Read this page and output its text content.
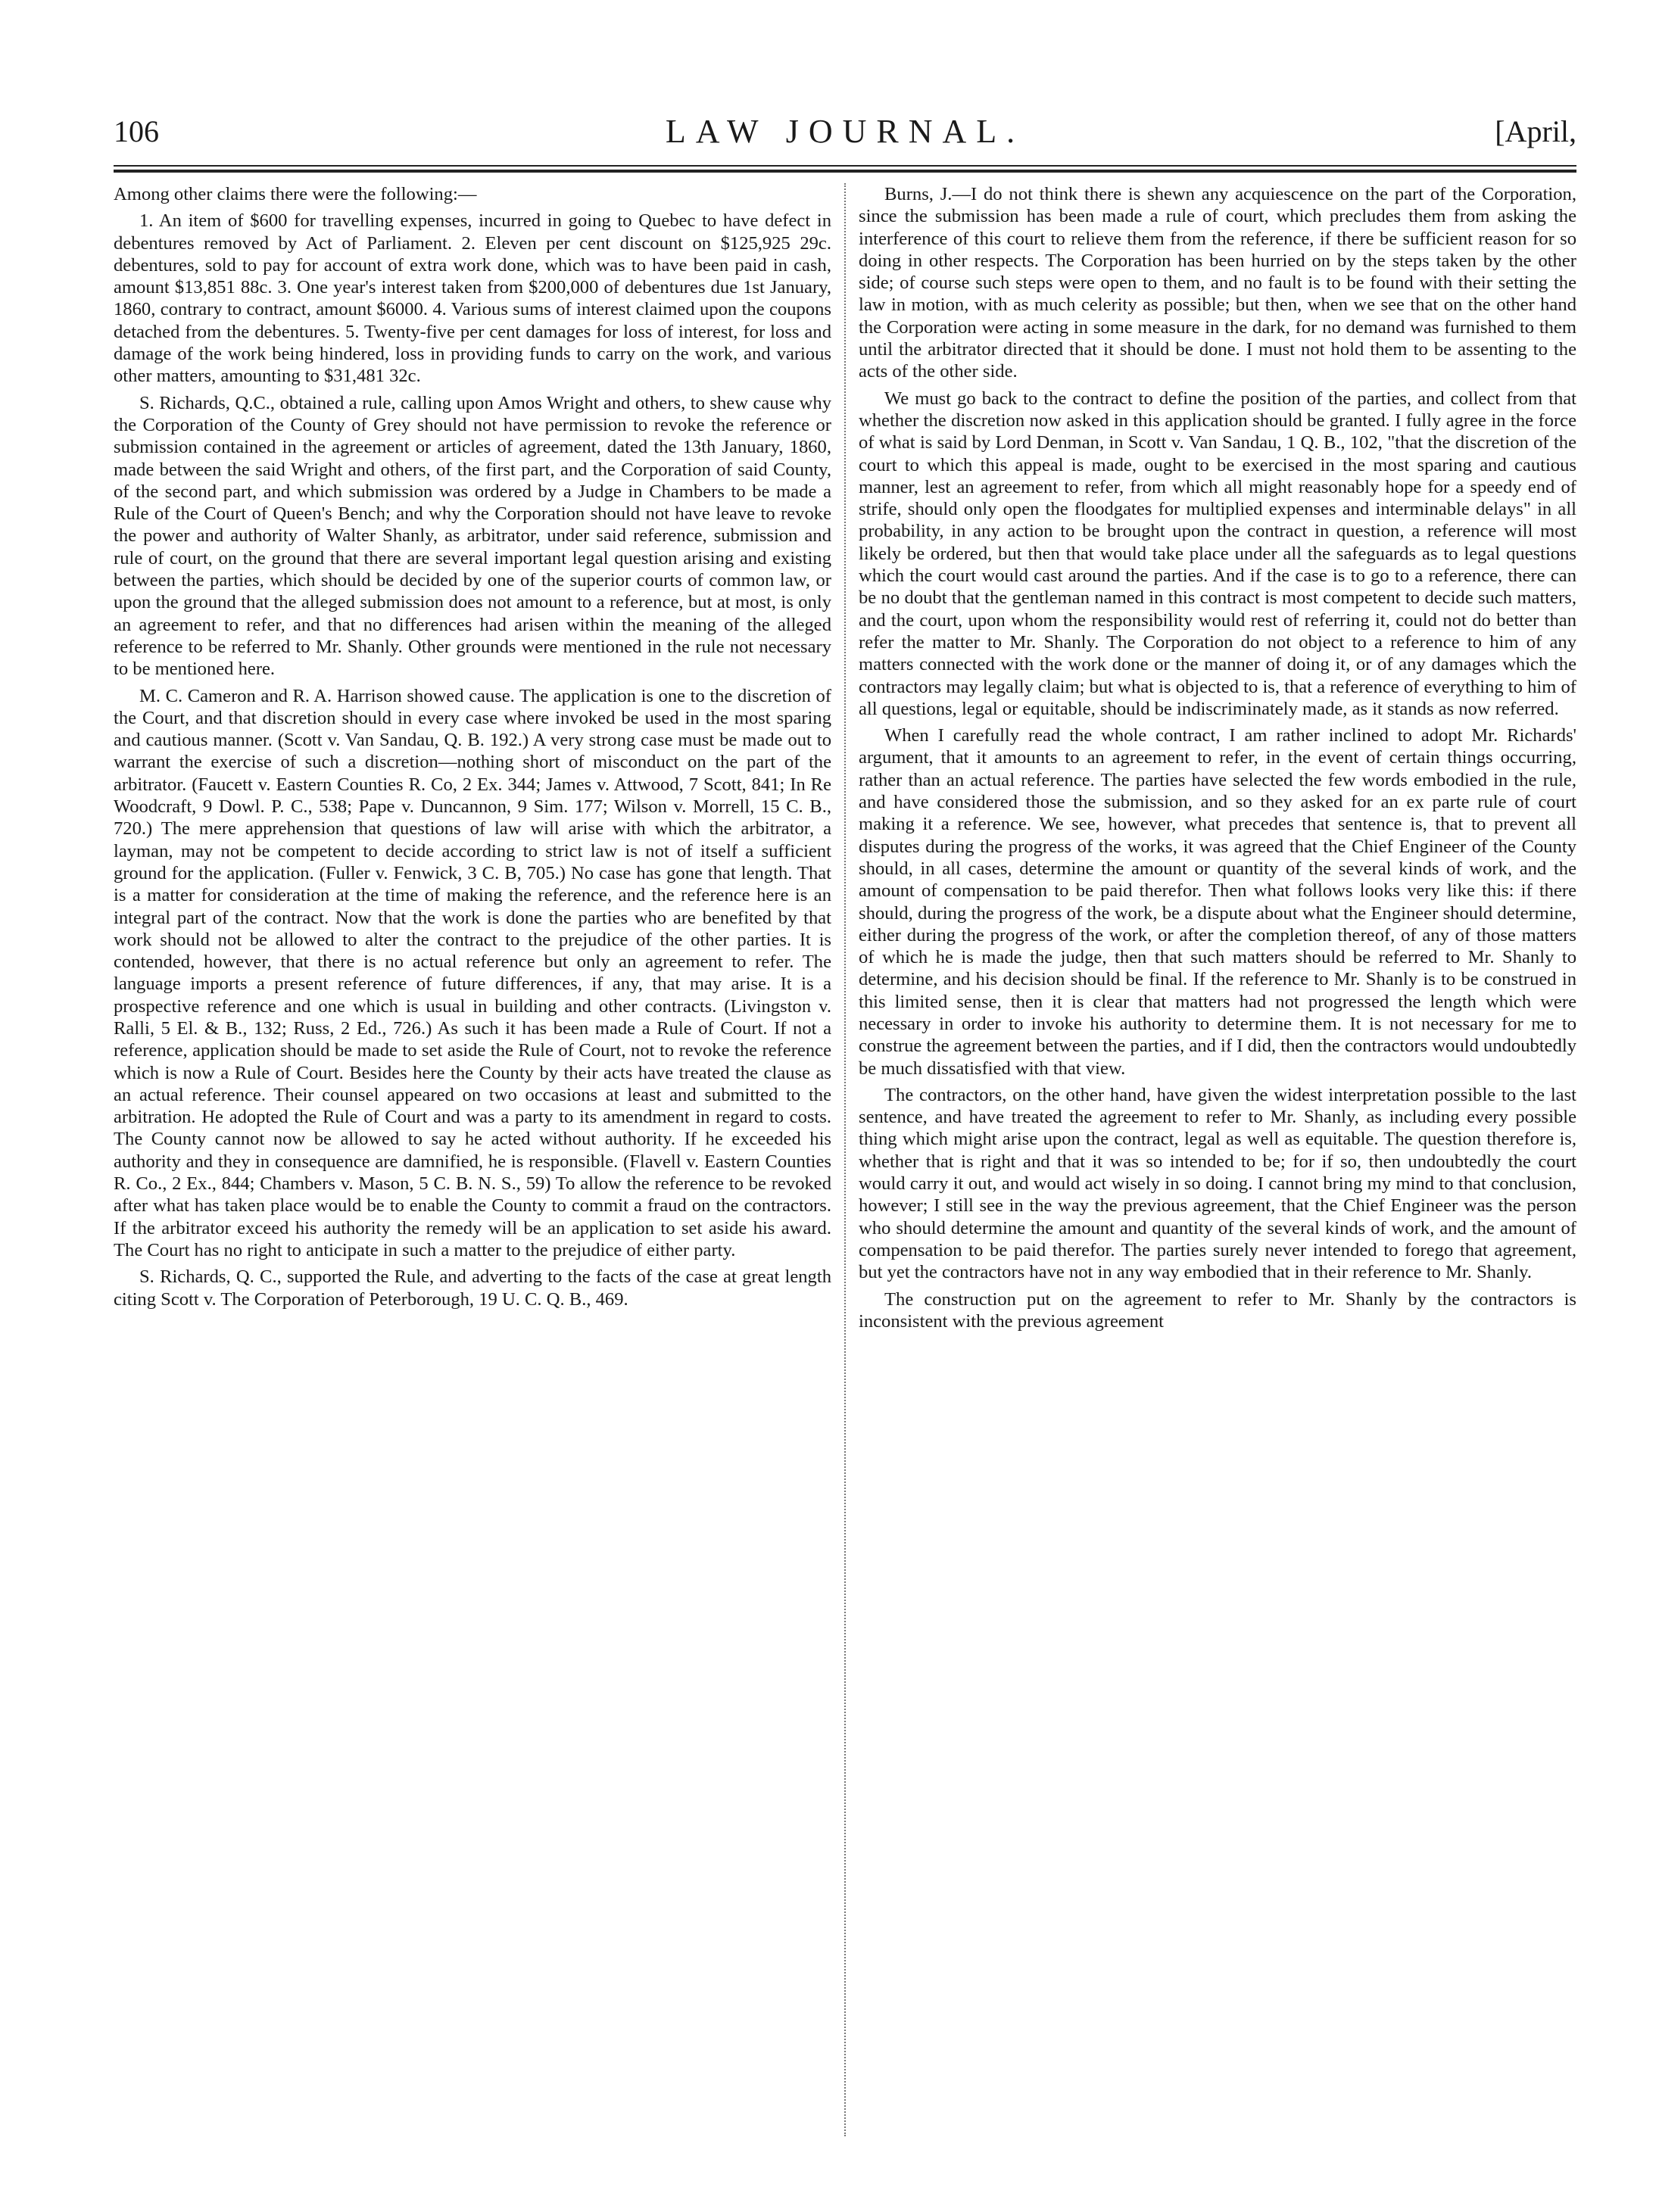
106	LAW JOURNAL.	[April,

Among other claims there were the following:—

1. An item of $600 for travelling expenses, incurred in going to Quebec to have defect in debentures removed by Act of Parliament. 2. Eleven per cent discount on $125,925 29c. debentures, sold to pay for account of extra work done, which was to have been paid in cash, amount $13,851 88c. 3. One year's interest taken from $200,000 of debentures due 1st January, 1860, contrary to contract, amount $6000. 4. Various sums of interest claimed upon the coupons detached from the debentures. 5. Twenty-five per cent damages for loss of interest, for loss and damage of the work being hindered, loss in providing funds to carry on the work, and various other matters, amounting to $31,481 32c.

S. Richards, Q.C., obtained a rule, calling upon Amos Wright and others, to shew cause why the Corporation of the County of Grey should not have permission to revoke the reference or submission contained in the agreement or articles of agreement, dated the 13th January, 1860, made between the said Wright and others, of the first part, and the Corporation of said County, of the second part, and which submission was ordered by a Judge in Chambers to be made a Rule of the Court of Queen's Bench; and why the Corporation should not have leave to revoke the power and authority of Walter Shanly, as arbitrator, under said reference, submission and rule of court, on the ground that there are several important legal question arising and existing between the parties, which should be decided by one of the superior courts of common law, or upon the ground that the alleged submission does not amount to a reference, but at most, is only an agreement to refer, and that no differences had arisen within the meaning of the alleged reference to be referred to Mr. Shanly. Other grounds were mentioned in the rule not necessary to be mentioned here.

M. C. Cameron and R. A. Harrison showed cause. The application is one to the discretion of the Court, and that discretion should in every case where invoked be used in the most sparing and cautious manner. (Scott v. Van Sandau, Q. B. 192.) A very strong case must be made out to warrant the exercise of such a discretion—nothing short of misconduct on the part of the arbitrator. (Faucett v. Eastern Counties R. Co, 2 Ex. 344; James v. Attwood, 7 Scott, 841; In Re Woodcraft, 9 Dowl. P. C., 538; Pape v. Duncannon, 9 Sim. 177; Wilson v. Morrell, 15 C. B., 720.) The mere apprehension that questions of law will arise with which the arbitrator, a layman, may not be competent to decide according to strict law is not of itself a sufficient ground for the application. (Fuller v. Fenwick, 3 C. B, 705.) No case has gone that length. That is a matter for consideration at the time of making the reference, and the reference here is an integral part of the contract. Now that the work is done the parties who are benefited by that work should not be allowed to alter the contract to the prejudice of the other parties. It is contended, however, that there is no actual reference but only an agreement to refer. The language imports a present reference of future differences, if any, that may arise. It is a prospective reference and one which is usual in building and other contracts. (Livingston v. Ralli, 5 El. & B., 132; Russ, 2 Ed., 726.) As such it has been made a Rule of Court. If not a reference, application should be made to set aside the Rule of Court, not to revoke the reference which is now a Rule of Court. Besides here the County by their acts have treated the clause as an actual reference. Their counsel appeared on two occasions at least and submitted to the arbitration. He adopted the Rule of Court and was a party to its amendment in regard to costs. The County cannot now be allowed to say he acted without authority. If he exceeded his authority and they in consequence are damnified, he is responsible. (Flavell v. Eastern Counties R. Co., 2 Ex., 844; Chambers v. Mason, 5 C. B. N. S., 59) To allow the reference to be revoked after what has taken place would be to enable the County to commit a fraud on the contractors. If the arbitrator exceed his authority the remedy will be an application to set aside his award. The Court has no right to anticipate in such a matter to the prejudice of either party.

S. Richards, Q. C., supported the Rule, and adverting to the facts of the case at great length citing Scott v. The Corporation of Peterborough, 19 U. C. Q. B., 469.

Burns, J.—I do not think there is shewn any acquiescence on the part of the Corporation, since the submission has been made a rule of court, which precludes them from asking the interference of this court to relieve them from the reference, if there be sufficient reason for so doing in other respects. The Corporation has been hurried on by the steps taken by the other side; of course such steps were open to them, and no fault is to be found with their setting the law in motion, with as much celerity as possible; but then, when we see that on the other hand the Corporation were acting in some measure in the dark, for no demand was furnished to them until the arbitrator directed that it should be done. I must not hold them to be assenting to the acts of the other side.

We must go back to the contract to define the position of the parties, and collect from that whether the discretion now asked in this application should be granted. I fully agree in the force of what is said by Lord Denman, in Scott v. Van Sandau, 1 Q. B., 102, "that the discretion of the court to which this appeal is made, ought to be exercised in the most sparing and cautious manner, lest an agreement to refer, from which all might reasonably hope for a speedy end of strife, should only open the floodgates for multiplied expenses and interminable delays" in all probability, in any action to be brought upon the contract in question, a reference will most likely be ordered, but then that would take place under all the safeguards as to legal questions which the court would cast around the parties. And if the case is to go to a reference, there can be no doubt that the gentleman named in this contract is most competent to decide such matters, and the court, upon whom the responsibility would rest of referring it, could not do better than refer the matter to Mr. Shanly. The Corporation do not object to a reference to him of any matters connected with the work done or the manner of doing it, or of any damages which the contractors may legally claim; but what is objected to is, that a reference of everything to him of all questions, legal or equitable, should be indiscriminately made, as it stands as now referred.

When I carefully read the whole contract, I am rather inclined to adopt Mr. Richards' argument, that it amounts to an agreement to refer, in the event of certain things occurring, rather than an actual reference. The parties have selected the few words embodied in the rule, and have considered those the submission, and so they asked for an ex parte rule of court making it a reference. We see, however, what precedes that sentence is, that to prevent all disputes during the progress of the works, it was agreed that the Chief Engineer of the County should, in all cases, determine the amount or quantity of the several kinds of work, and the amount of compensation to be paid therefor. Then what follows looks very like this: if there should, during the progress of the work, be a dispute about what the Engineer should determine, either during the progress of the work, or after the completion thereof, of any of those matters of which he is made the judge, then that such matters should be referred to Mr. Shanly to determine, and his decision should be final. If the reference to Mr. Shanly is to be construed in this limited sense, then it is clear that matters had not progressed the length which were necessary in order to invoke his authority to determine them. It is not necessary for me to construe the agreement between the parties, and if I did, then the contractors would undoubtedly be much dissatisfied with that view.

The contractors, on the other hand, have given the widest interpretation possible to the last sentence, and have treated the agreement to refer to Mr. Shanly, as including every possible thing which might arise upon the contract, legal as well as equitable. The question therefore is, whether that is right and that it was so intended to be; for if so, then undoubtedly the court would carry it out, and would act wisely in so doing. I cannot bring my mind to that conclusion, however; I still see in the way the previous agreement, that the Chief Engineer was the person who should determine the amount and quantity of the several kinds of work, and the amount of compensation to be paid therefor. The parties surely never intended to forego that agreement, but yet the contractors have not in any way embodied that in their reference to Mr. Shanly.

The construction put on the agreement to refer to Mr. Shanly by the contractors is inconsistent with the previous agreement
